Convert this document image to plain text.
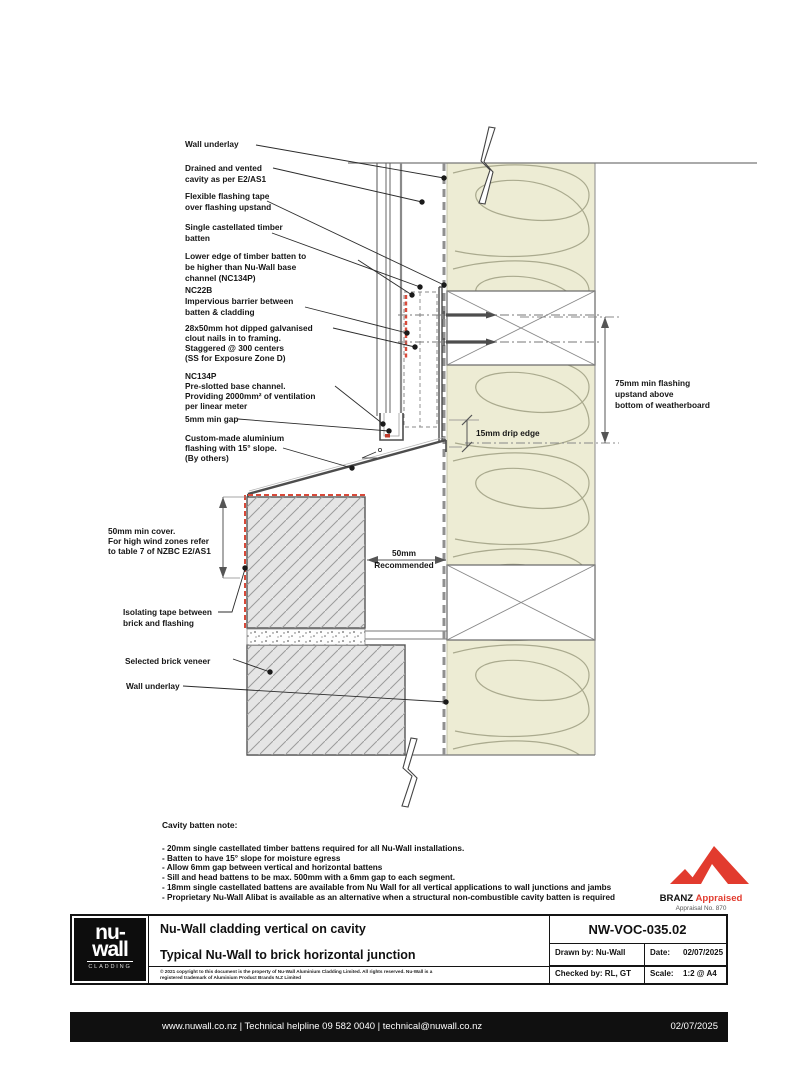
Wall underlay
Drained and vented
cavity as per E2/AS1
Flexible flashing tape
over flashing upstand
Single castellated timber
batten
Lower edge of timber batten to
be higher than Nu-Wall base
channel (NC134P)
NC22B
Impervious barrier between
batten & cladding
28x50mm hot dipped galvanised
clout nails in to framing.
Staggered @ 300 centers
(SS for Exposure Zone D)
NC134P
Pre-slotted base channel.
Providing 2000mm² of ventilation
per linear meter
5mm min gap
Custom-made aluminium
flashing with 15° slope.
(By others)
75mm min flashing
upstand above
bottom of weatherboard
15mm drip edge
50mm
Recommended
50mm min cover.
For high wind zones refer
to table 7 of NZBC E2/AS1
Isolating tape between
brick and flashing
Selected brick veneer
Wall underlay
Cavity batten note:
- 20mm single castellated timber battens required for all Nu-Wall installations.
- Batten to have 15° slope for moisture egress
- Allow 6mm gap between vertical and horizontal battens
- Sill and head battens to be max. 500mm with a 6mm gap to each segment.
- 18mm single castellated battens are available from Nu Wall for all vertical applications to wall junctions and jambs
- Proprietary Nu-Wall Alibat is available as an alternative when a structural non-combustible cavity batten is required	BRANZ Appraised
Appraisal No. 870
nu-
wall
CLADDING
Nu-Wall cladding vertical on cavity
Typical Nu-Wall to brick horizontal junction
© 2021 copyright to this document is the property of Nu-Wall Aluminium Cladding Limited. All rights reserved. Nu-Wall is a
registered trademark of Aluminium Product Brands N.Z Limited
NW-VOC-035.02
Drawn by: Nu-Wall	Date: 02/07/2025
Checked by: RL, GT Scale: 1:2 @ A4
www.nuwall.co.nz | Technical helpline 09 582 0040 | technical@nuwall.co.nz	02/07/2025
